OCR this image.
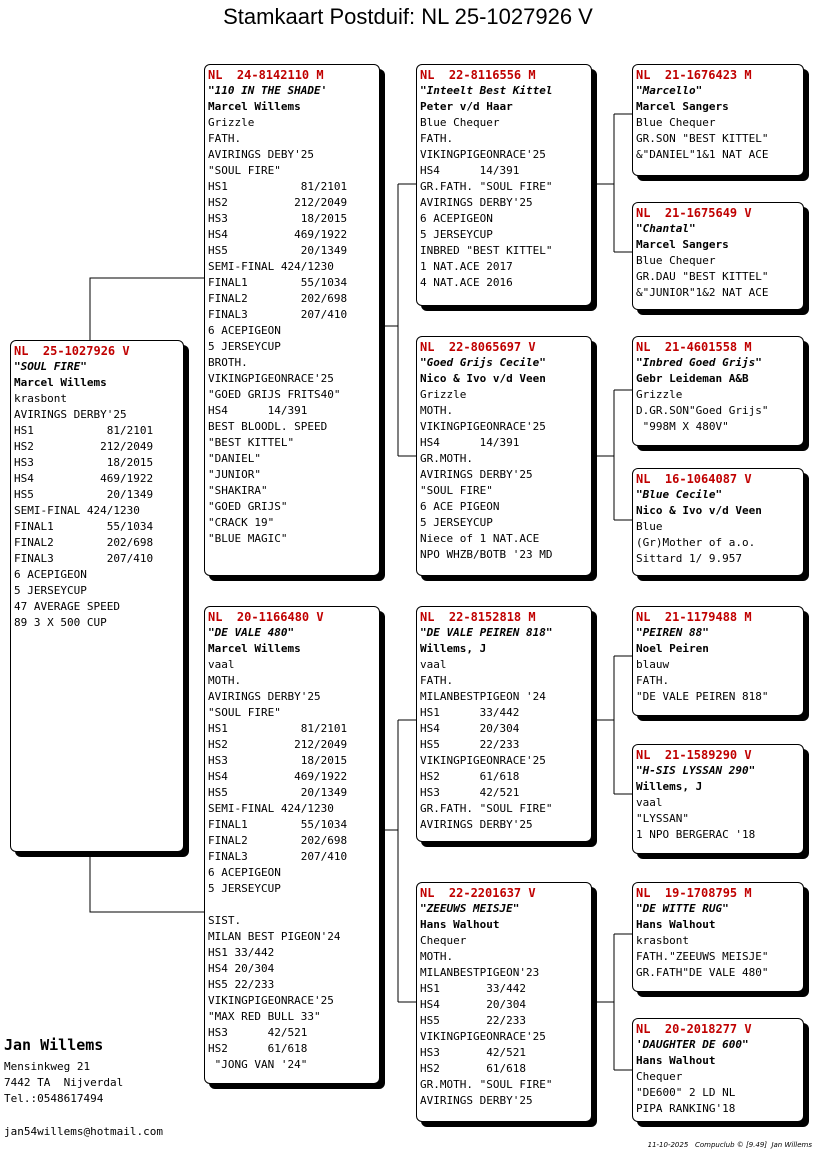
Stamkaart Postduif: NL 25-1027926 V
NL  25-1027926 V
"SOUL FIRE"
Marcel Willems
krasbont
AVIRINGS DERBY'25
HS1           81/2101
HS2          212/2049
HS3           18/2015
HS4          469/1922
HS5           20/1349
SEMI-FINAL 424/1230
FINAL1        55/1034
FINAL2        202/698
FINAL3        207/410
6 ACEPIGEON
5 JERSEYCUP
47 AVERAGE SPEED
89 3 X 500 CUP
NL  24-8142110 M
"110 IN THE SHADE'
Marcel Willems
Grizzle
FATH.
AVIRINGS DEBY'25
"SOUL FIRE"
HS1           81/2101
HS2          212/2049
HS3           18/2015
HS4          469/1922
HS5           20/1349
SEMI-FINAL 424/1230
FINAL1        55/1034
FINAL2        202/698
FINAL3        207/410
6 ACEPIGEON
5 JERSEYCUP
BROTH.
VIKINGPIGEONRACE'25
"GOED GRIJS FRITS40"
HS4      14/391
BEST BLOODL. SPEED
"BEST KITTEL"
"DANIEL"
"JUNIOR"
"SHAKIRA"
"GOED GRIJS"
"CRACK 19"
"BLUE MAGIC"
NL  20-1166480 V
"DE VALE 480"
Marcel Willems
vaal
MOTH.
AVIRINGS DERBY'25
"SOUL FIRE"
HS1           81/2101
HS2          212/2049
HS3           18/2015
HS4          469/1922
HS5           20/1349
SEMI-FINAL 424/1230
FINAL1        55/1034
FINAL2        202/698
FINAL3        207/410
6 ACEPIGEON
5 JERSEYCUP
SIST.
MILAN BEST PIGEON'24
HS1 33/442
HS4 20/304
HS5 22/233
VIKINGPIGEONRACE'25
"MAX RED BULL 33"
HS3      42/521
HS2      61/618
"JONG VAN '24"
NL  22-8116556 M
"Inteelt Best Kittel
Peter v/d Haar
Blue Chequer
FATH.
VIKINGPIGEONRACE'25
HS4      14/391
GR.FATH. "SOUL FIRE"
AVIRINGS DERBY'25
6 ACEPIGEON
5 JERSEYCUP
INBRED "BEST KITTEL"
1 NAT.ACE 2017
4 NAT.ACE 2016
NL  22-8065697 V
"Goed Grijs Cecile"
Nico & Ivo v/d Veen
Grizzle
MOTH.
VIKINGPIGEONRACE'25
HS4      14/391
GR.MOTH.
AVIRINGS DERBY'25
"SOUL FIRE"
6 ACE PIGEON
5 JERSEYCUP
Niece of 1 NAT.ACE
NPO WHZB/BOTB '23 MD
NL  22-8152818 M
"DE VALE PEIREN 818"
Willems, J
vaal
FATH.
MILANBESTPIGEON '24
HS1      33/442
HS4      20/304
HS5      22/233
VIKINGPIGEONRACE'25
HS2      61/618
HS3      42/521
GR.FATH. "SOUL FIRE"
AVIRINGS DERBY'25
NL  22-2201637 V
"ZEEUWS MEISJE"
Hans Walhout
Chequer
MOTH.
MILANBESTPIGEON'23
HS1       33/442
HS4       20/304
HS5       22/233
VIKINGPIGEONRACE'25
HS3       42/521
HS2       61/618
GR.MOTH. "SOUL FIRE"
AVIRINGS DERBY'25
NL  21-1676423 M
"Marcello"
Marcel Sangers
Blue Chequer
GR.SON "BEST KITTEL"
&"DANIEL"1&1 NAT ACE
NL  21-1675649 V
"Chantal"
Marcel Sangers
Blue Chequer
GR.DAU "BEST KITTEL"
&"JUNIOR"1&2 NAT ACE
NL  21-4601558 M
"Inbred Goed Grijs"
Gebr Leideman A&B
Grizzle
D.GR.SON"Goed Grijs"
"998M X 480V"
NL  16-1064087 V
"Blue Cecile"
Nico & Ivo v/d Veen
Blue
(Gr)Mother of a.o.
Sittard 1/ 9.957
NL  21-1179488 M
"PEIREN 88"
Noel Peiren
blauw
FATH.
"DE VALE PEIREN 818"
NL  21-1589290 V
"H-SIS LYSSAN 290"
Willems, J
vaal
"LYSSAN"
1 NPO BERGERAC '18
NL  19-1708795 M
"DE WITTE RUG"
Hans Walhout
krasbont
FATH."ZEEUWS MEISJE"
GR.FATH"DE VALE 480"
NL  20-2018277 V
'DAUGHTER DE 600"
Hans Walhout
Chequer
"DE600" 2 LD NL
PIPA RANKING'18
Jan Willems
Mensinkweg 21
7442 TA  Nijverdal
Tel.:0548617494
jan54willems@hotmail.com
11-10-2025   Compuclub © [9.49]  Jan Willems
